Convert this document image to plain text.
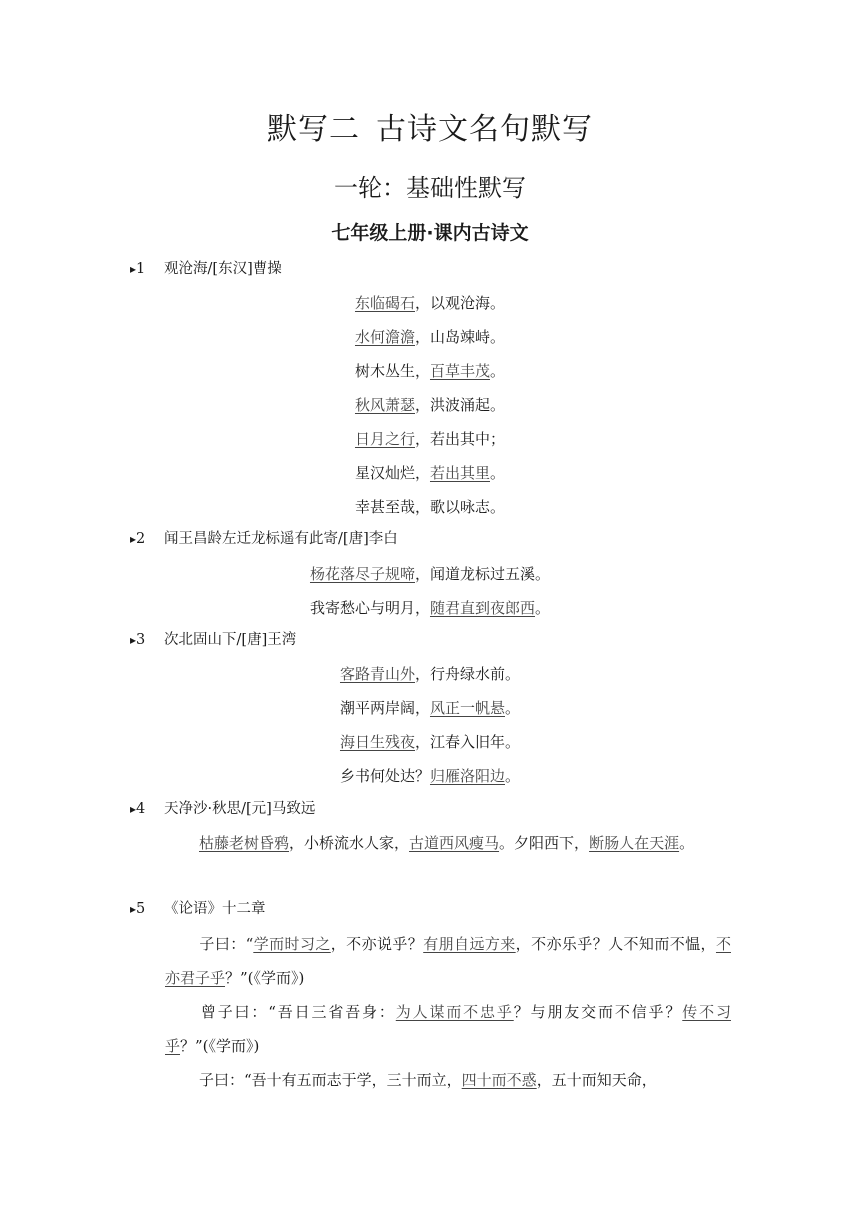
默写二 古诗文名句默写
一轮：基础性默写
七年级上册·课内古诗文
▸1 观沧海/[东汉]曹操
东临碣石，以观沧海。
水何澹澹，山岛竦峙。
树木丛生，百草丰茂。
秋风萧瑟，洪波涌起。
日月之行，若出其中；
星汉灿烂，若出其里。
幸甚至哉，歌以咏志。
▸2 闻王昌龄左迁龙标遥有此寄/[唐]李白
杨花落尽子规啼，闻道龙标过五溪。
我寄愁心与明月，随君直到夜郎西。
▸3 次北固山下/[唐]王湾
客路青山外，行舟绿水前。
潮平两岸阔，风正一帆悬。
海日生残夜，江春入旧年。
乡书何处达？归雁洛阳边。
▸4 天净沙·秋思/[元]马致远
枯藤老树昏鸦，小桥流水人家，古道西风瘦马。夕阳西下，断肠人在天涯。
▸5 《论语》十二章
子曰：“学而时习之，不亦说乎？有朋自远方来，不亦乐乎？人不知而不愠，不亦君子乎？”(《学而》)
曾子曰：“吾日三省吾身：为人谋而不忠乎？与朋友交而不信乎？传不习乎？”(《学而》)
子曰：“吾十有五而志于学，三十而立，四十而不惑，五十而知天命，
